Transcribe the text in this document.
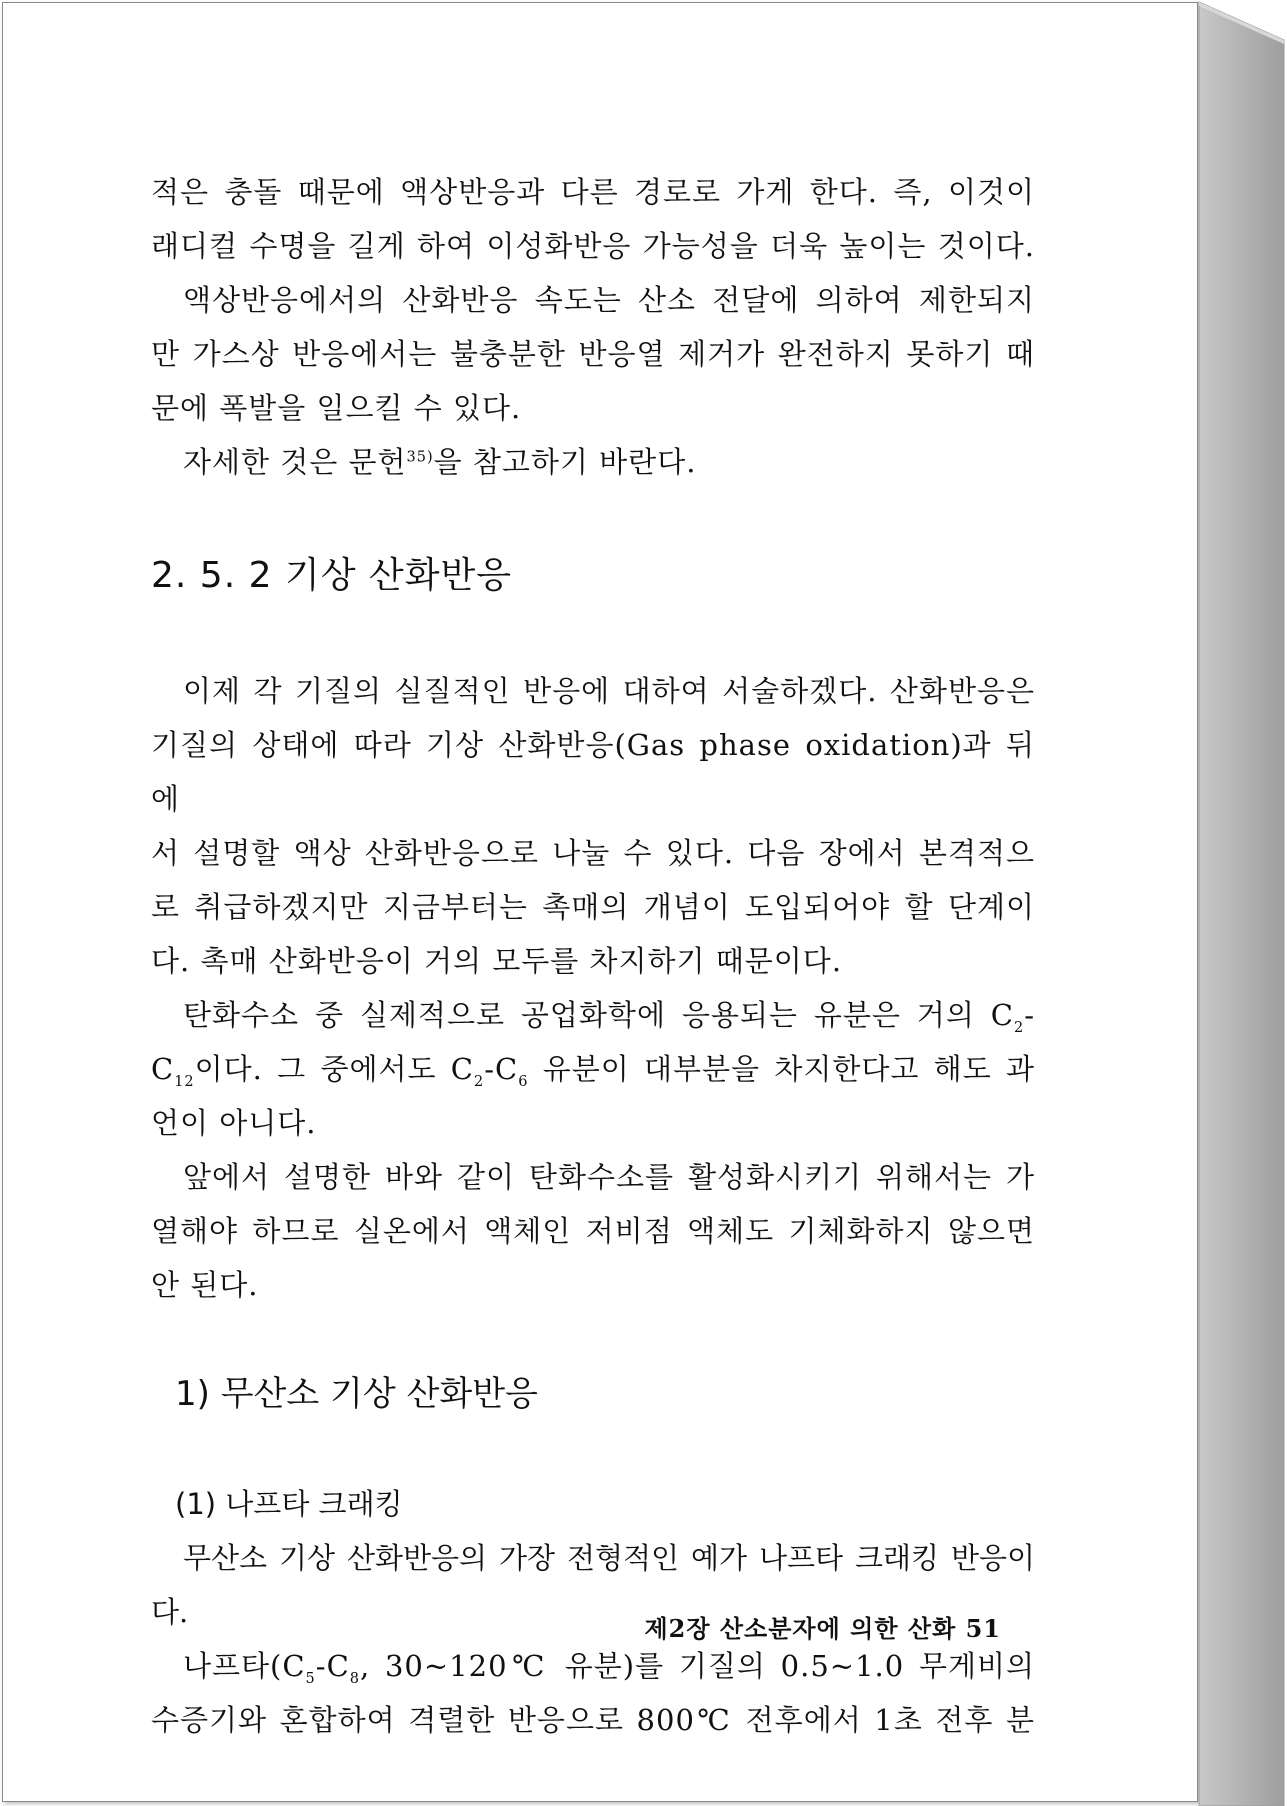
적은 충돌 때문에 액상반응과 다른 경로로 가게 한다. 즉, 이것이

래디컬 수명을 길게 하여 이성화반응 가능성을 더욱 높이는 것이다.

액상반응에서의 산화반응 속도는 산소 전달에 의하여 제한되지

만 가스상 반응에서는 불충분한 반응열 제거가 완전하지 못하기 때

문에 폭발을 일으킬 수 있다.

자세한 것은 문헌$^{35)}$을 참고하기 바란다.

2. 5. 2 기상 산화반응

이제 각 기질의 실질적인 반응에 대하여 서술하겠다. 산화반응은

기질의 상태에 따라 기상 산화반응(Gas phase oxidation)과 뒤에

서 설명할 액상 산화반응으로 나눌 수 있다. 다음 장에서 본격적으

로 취급하겠지만 지금부터는 촉매의 개념이 도입되어야 할 단계이

다. 촉매 산화반응이 거의 모두를 차지하기 때문이다.

탄화수소 중 실제적으로 공업화학에 응용되는 유분은 거의 $C_2-$

$C_{12}$이다. 그 중에서도 $C_2-C_6$ 유분이 대부분을 차지한다고 해도 과

언이 아니다.

앞에서 설명한 바와 같이 탄화수소를 활성화시키기 위해서는 가

열해야 하므로 실온에서 액체인 저비점 액체도 기체화하지 않으면

안 된다.

1) 무산소 기상 산화반응

(1) 나프타 크래킹

무산소 기상 산화반응의 가장 전형적인 예가 나프타 크래킹 반응이다.

나프타($C_5-C_8$, 30~120℃ 유분)를 기질의 0.5~1.0 무게비의

수증기와 혼합하여 격렬한 반응으로 800℃ 전후에서 1초 전후 분

제2장 산소분자에 의한 산화 51
